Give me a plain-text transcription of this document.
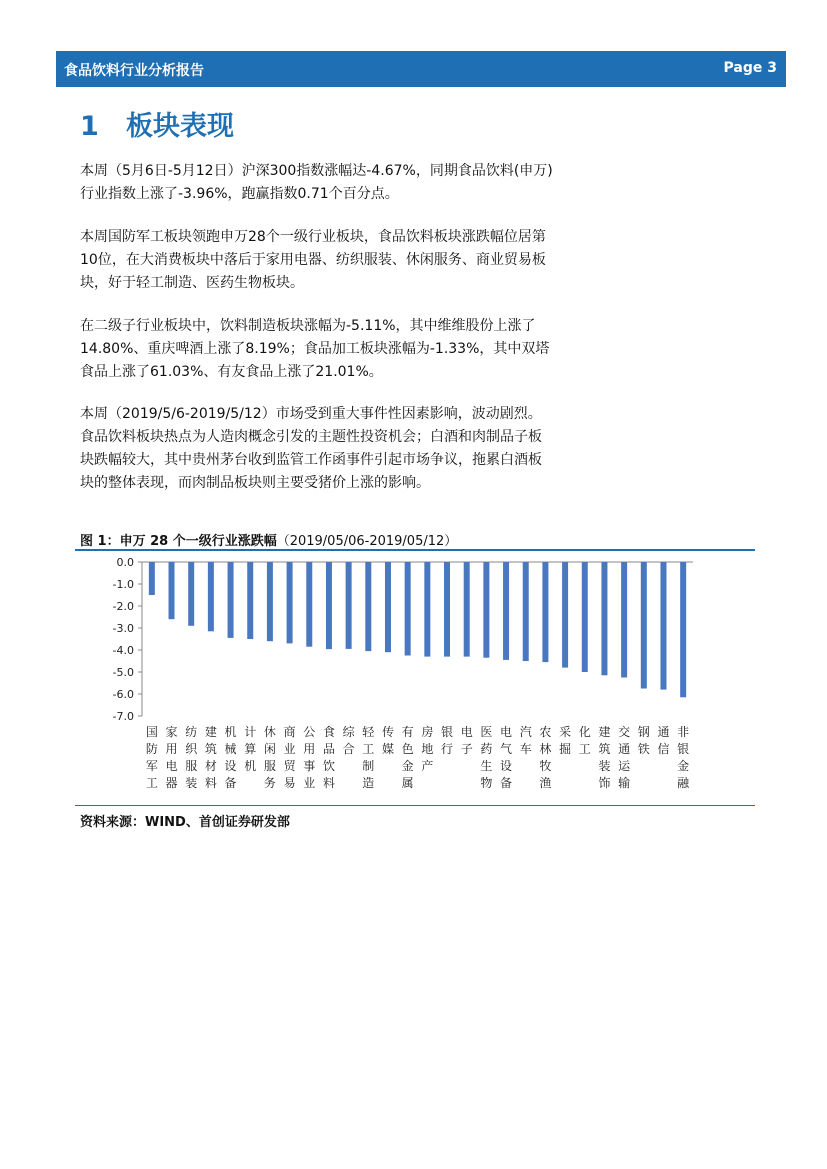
食品饮料行业分析报告	Page 3
1 板块表现

本周（5月6日-5月12日）沪深300指数涨幅达-4.67%，同期食品饮料(申万)行业指数上涨了-3.96%，跑赢指数0.71个百分点。

本周国防军工板块领跑申万28个一级行业板块，食品饮料板块涨跌幅位居第10位，在大消费板块中落后于家用电器、纺织服装、休闲服务、商业贸易板块，好于轻工制造、医药生物板块。

在二级子行业板块中，饮料制造板块涨幅为-5.11%，其中维维股份上涨了14.80%、重庆啤酒上涨了8.19%；食品加工板块涨幅为-1.33%，其中双塔食品上涨了61.03%、有友食品上涨了21.01%。

本周（2019/5/6-2019/5/12）市场受到重大事件性因素影响，波动剧烈。食品饮料板块热点为人造肉概念引发的主题性投资机会；白酒和肉制品子板块跌幅较大，其中贵州茅台收到监管工作函事件引起市场争议，拖累白酒板块的整体表现，而肉制品板块则主要受猪价上涨的影响。

图 1：申万 28 个一级行业涨跌幅（2019/05/06-2019/05/12）
0.0
-1.0
-2.0
-3.0
-4.0
-5.0
-6.0
-7.0
国防军工
家用电器
纺织服装
建筑材料
机械设备
计算机
休闲服务
商业贸易
公用事业
食品饮料
综合
轻工制造
传媒
有色金属
房地产
银行
电子
医药生物
电气设备
汽车
农林牧渔
采掘
化工
建筑装饰
交通运输
钢铁
通信
非银金融
资料来源：WIND、首创证券研发部
